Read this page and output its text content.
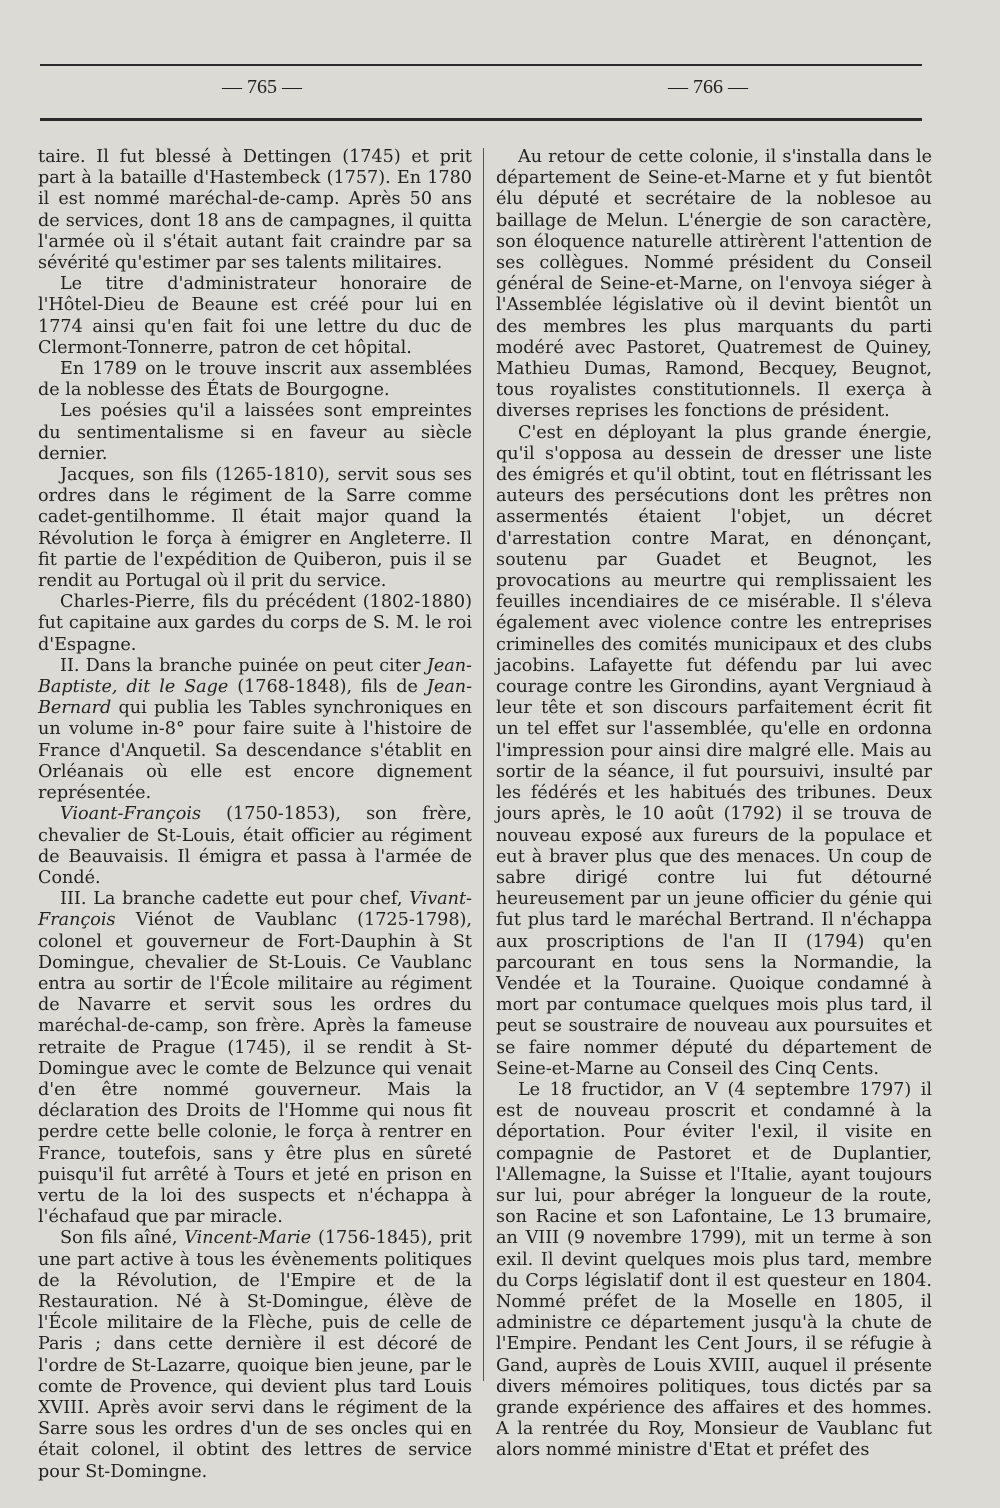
— 765 —	— 766 —

taire. Il fut blessé à Dettingen (1745) et prit part à la bataille d'Hastembeck (1757). En 1780 il est nommé maréchal-de-camp. Après 50 ans de services, dont 18 ans de campagnes, il quitta l'armée où il s'était autant fait craindre par sa sévérité qu'estimer par ses talents militaires.

Le titre d'administrateur honoraire de l'Hôtel-Dieu de Beaune est créé pour lui en 1774 ainsi qu'en fait foi une lettre du duc de Clermont-Tonnerre, patron de cet hôpital.

En 1789 on le trouve inscrit aux assemblées de la noblesse des États de Bourgogne.

Les poésies qu'il a laissées sont empreintes du sentimentalisme si en faveur au siècle dernier.

Jacques, son fils (1265-1810), servit sous ses ordres dans le régiment de la Sarre comme cadet-gentilhomme. Il était major quand la Révolution le força à émigrer en Angleterre. Il fit partie de l'expédition de Quiberon, puis il se rendit au Portugal où il prit du service.

Charles-Pierre, fils du précédent (1802-1880) fut capitaine aux gardes du corps de S. M. le roi d'Espagne.

II. Dans la branche puinée on peut citer Jean-Baptiste, dit le Sage (1768-1848), fils de Jean-Bernard qui publia les Tables synchroniques en un volume in-8° pour faire suite à l'histoire de France d'Anquetil. Sa descendance s'établit en Orléanais où elle est encore dignement représentée.

Vioant-François (1750-1853), son frère, chevalier de St-Louis, était officier au régiment de Beauvaisis. Il émigra et passa à l'armée de Condé.

III. La branche cadette eut pour chef, Vivant-François Viénot de Vaublanc (1725-1798), colonel et gouverneur de Fort-Dauphin à St Domingue, chevalier de St-Louis. Ce Vaublanc entra au sortir de l'École militaire au régiment de Navarre et servit sous les ordres du maréchal-de-camp, son frère. Après la fameuse retraite de Prague (1745), il se rendit à St-Domingue avec le comte de Belzunce qui venait d'en être nommé gouverneur. Mais la déclaration des Droits de l'Homme qui nous fit perdre cette belle colonie, le força à rentrer en France, toutefois, sans y être plus en sûreté puisqu'il fut arrêté à Tours et jeté en prison en vertu de la loi des suspects et n'échappa à l'échafaud que par miracle.

Son fils aîné, Vincent-Marie (1756-1845), prit une part active à tous les évènements politiques de la Révolution, de l'Empire et de la Restauration. Né à St-Domingue, élève de l'École militaire de la Flèche, puis de celle de Paris ; dans cette dernière il est décoré de l'ordre de St-Lazarre, quoique bien jeune, par le comte de Provence, qui devient plus tard Louis XVIII. Après avoir servi dans le régiment de la Sarre sous les ordres d'un de ses oncles qui en était colonel, il obtint des lettres de service pour St-Domingne.

Au retour de cette colonie, il s'installa dans le département de Seine-et-Marne et y fut bientôt élu député et secrétaire de la noblesoe au baillage de Melun. L'énergie de son caractère, son éloquence naturelle attirèrent l'attention de ses collègues. Nommé président du Conseil général de Seine-et-Marne, on l'envoya siéger à l'Assemblée législative où il devint bientôt un des membres les plus marquants du parti modéré avec Pastoret, Quatremest de Quiney, Mathieu Dumas, Ramond, Becquey, Beugnot, tous royalistes constitutionnels. Il exerça à diverses reprises les fonctions de président.

C'est en déployant la plus grande énergie, qu'il s'opposa au dessein de dresser une liste des émigrés et qu'il obtint, tout en flétrissant les auteurs des persécutions dont les prêtres non assermentés étaient l'objet, un décret d'arrestation contre Marat, en dénonçant, soutenu par Guadet et Beugnot, les provocations au meurtre qui remplissaient les feuilles incendiaires de ce misérable. Il s'éleva également avec violence contre les entreprises criminelles des comités municipaux et des clubs jacobins. Lafayette fut défendu par lui avec courage contre les Girondins, ayant Vergniaud à leur tête et son discours parfaitement écrit fit un tel effet sur l'assemblée, qu'elle en ordonna l'impression pour ainsi dire malgré elle. Mais au sortir de la séance, il fut poursuivi, insulté par les fédérés et les habitués des tribunes. Deux jours après, le 10 août (1792) il se trouva de nouveau exposé aux fureurs de la populace et eut à braver plus que des menaces. Un coup de sabre dirigé contre lui fut détourné heureusement par un jeune officier du génie qui fut plus tard le maréchal Bertrand. Il n'échappa aux proscriptions de l'an II (1794) qu'en parcourant en tous sens la Normandie, la Vendée et la Touraine. Quoique condamné à mort par contumace quelques mois plus tard, il peut se soustraire de nouveau aux poursuites et se faire nommer député du département de Seine-et-Marne au Conseil des Cinq Cents.

Le 18 fructidor, an V (4 septembre 1797) il est de nouveau proscrit et condamné à la déportation. Pour éviter l'exil, il visite en compagnie de Pastoret et de Duplantier, l'Allemagne, la Suisse et l'Italie, ayant toujours sur lui, pour abréger la longueur de la route, son Racine et son Lafontaine, Le 13 brumaire, an VIII (9 novembre 1799), mit un terme à son exil. Il devint quelques mois plus tard, membre du Corps législatif dont il est questeur en 1804. Nommé préfet de la Moselle en 1805, il administre ce département jusqu'à la chute de l'Empire. Pendant les Cent Jours, il se réfugie à Gand, auprès de Louis XVIII, auquel il présente divers mémoires politiques, tous dictés par sa grande expérience des affaires et des hommes. A la rentrée du Roy, Monsieur de Vaublanc fut alors nommé ministre d'Etat et préfet des
